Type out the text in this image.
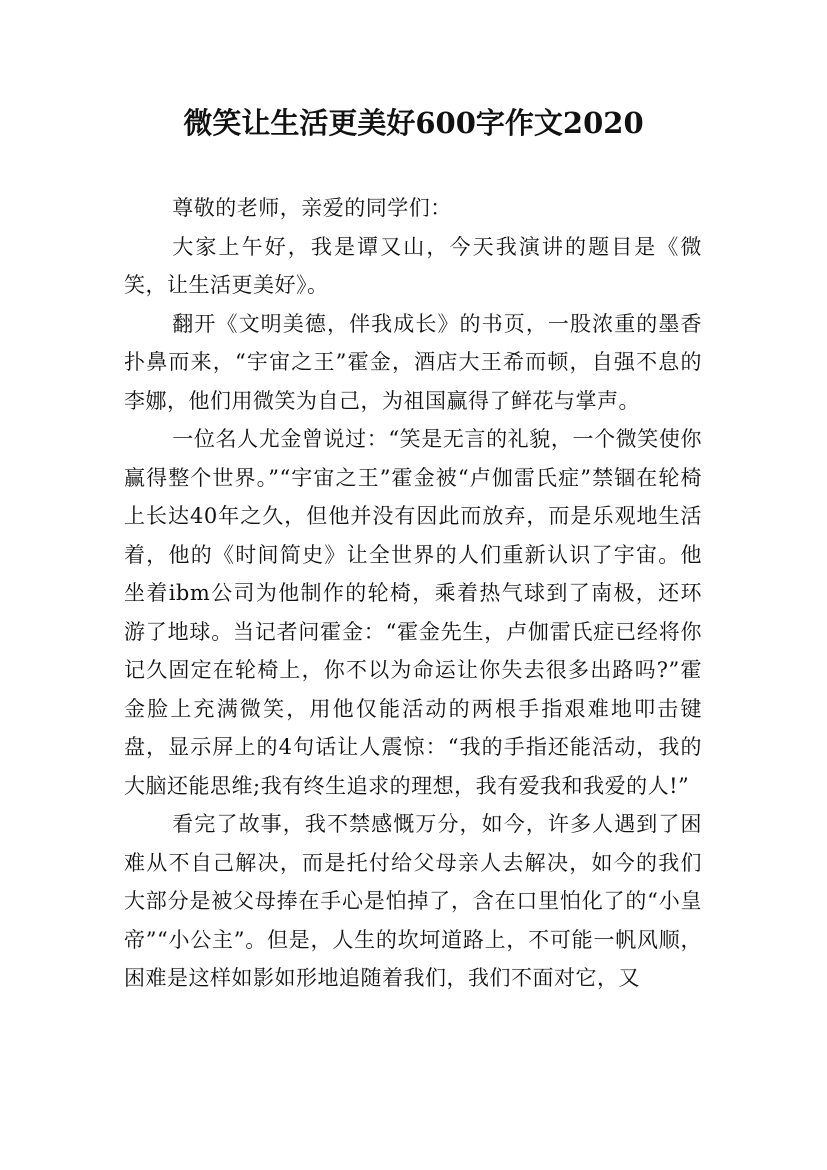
微笑让生活更美好600字作文2020

尊敬的老师，亲爱的同学们：

大家上午好，我是谭又山，今天我演讲的题目是《微笑，让生活更美好》。

翻开《文明美德，伴我成长》的书页，一股浓重的墨香扑鼻而来，“宇宙之王”霍金，酒店大王希而顿，自强不息的李娜，他们用微笑为自己，为祖国赢得了鲜花与掌声。

一位名人尤金曾说过：“笑是无言的礼貌，一个微笑使你赢得整个世界。”“宇宙之王”霍金被“卢伽雷氏症”禁锢在轮椅上长达40年之久，但他并没有因此而放弃，而是乐观地生活着，他的《时间简史》让全世界的人们重新认识了宇宙。他坐着ibm公司为他制作的轮椅，乘着热气球到了南极，还环游了地球。当记者问霍金：“霍金先生，卢伽雷氏症已经将你记久固定在轮椅上，你不以为命运让你失去很多出路吗?”霍金脸上充满微笑，用他仅能活动的两根手指艰难地叩击键盘，显示屏上的4句话让人震惊：“我的手指还能活动，我的大脑还能思维;我有终生追求的理想，我有爱我和我爱的人!”

看完了故事，我不禁感慨万分，如今，许多人遇到了困难从不自己解决，而是托付给父母亲人去解决，如今的我们大部分是被父母捧在手心是怕掉了，含在口里怕化了的“小皇帝”“小公主”。但是，人生的坎坷道路上，不可能一帆风顺，困难是这样如影如形地追随着我们，我们不面对它，又
